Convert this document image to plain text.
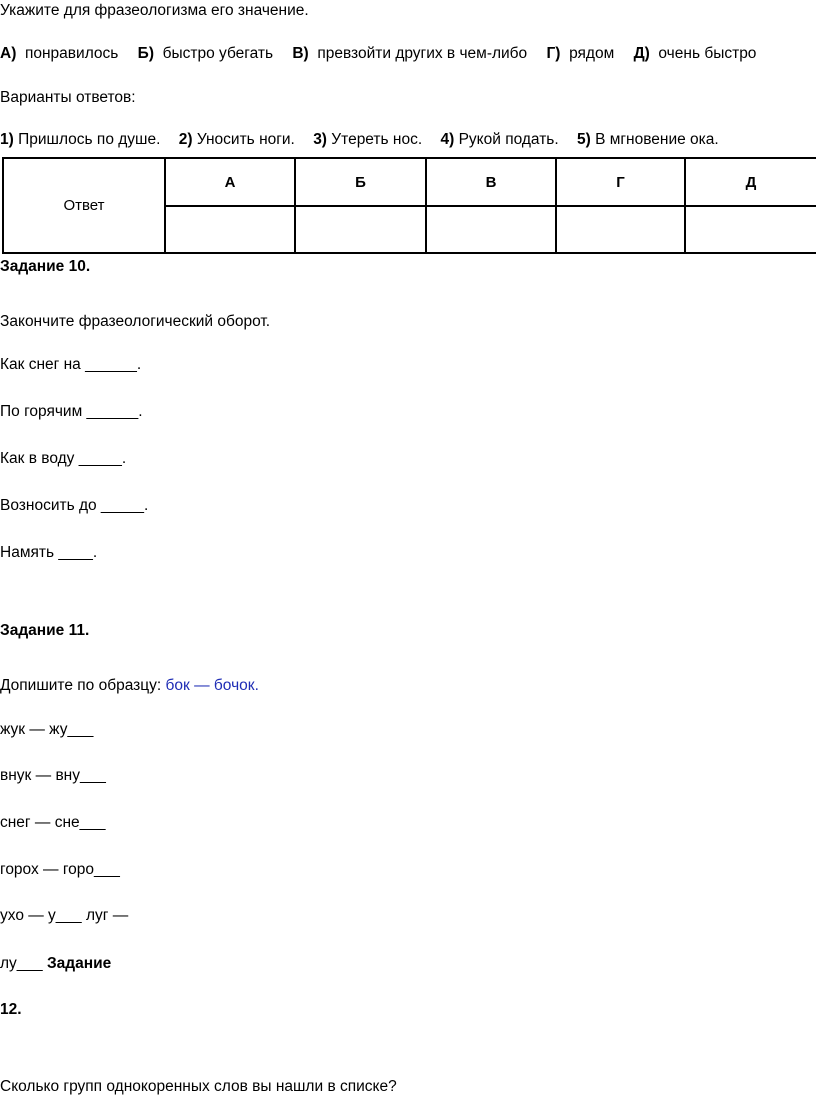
Укажите для фразеологизма его значение.
А) понравилось Б) быстро убегать В) превзойти других в чем-либо Г) рядом Д) очень быстро
Варианты ответов:
1) Пришлось по душе. 2) Уносить ноги. 3) Утереть нос. 4) Рукой подать. 5) В мгновение ока.
Ответ	А	Б	В	Г	Д

Задание 10.
Закончите фразеологический оборот.
Как снег на ______.
По горячим ______.
Как в воду _____.
Возносить до _____.
Намять ____.
Задание 11.
Допишите по образцу: бок — бочок.
жук — жу___
внук — вну___
снег — сне___
горох — горо___
ухо — у___ луг —
лу___ Задание
12.
Сколько групп однокоренных слов вы нашли в списке?
